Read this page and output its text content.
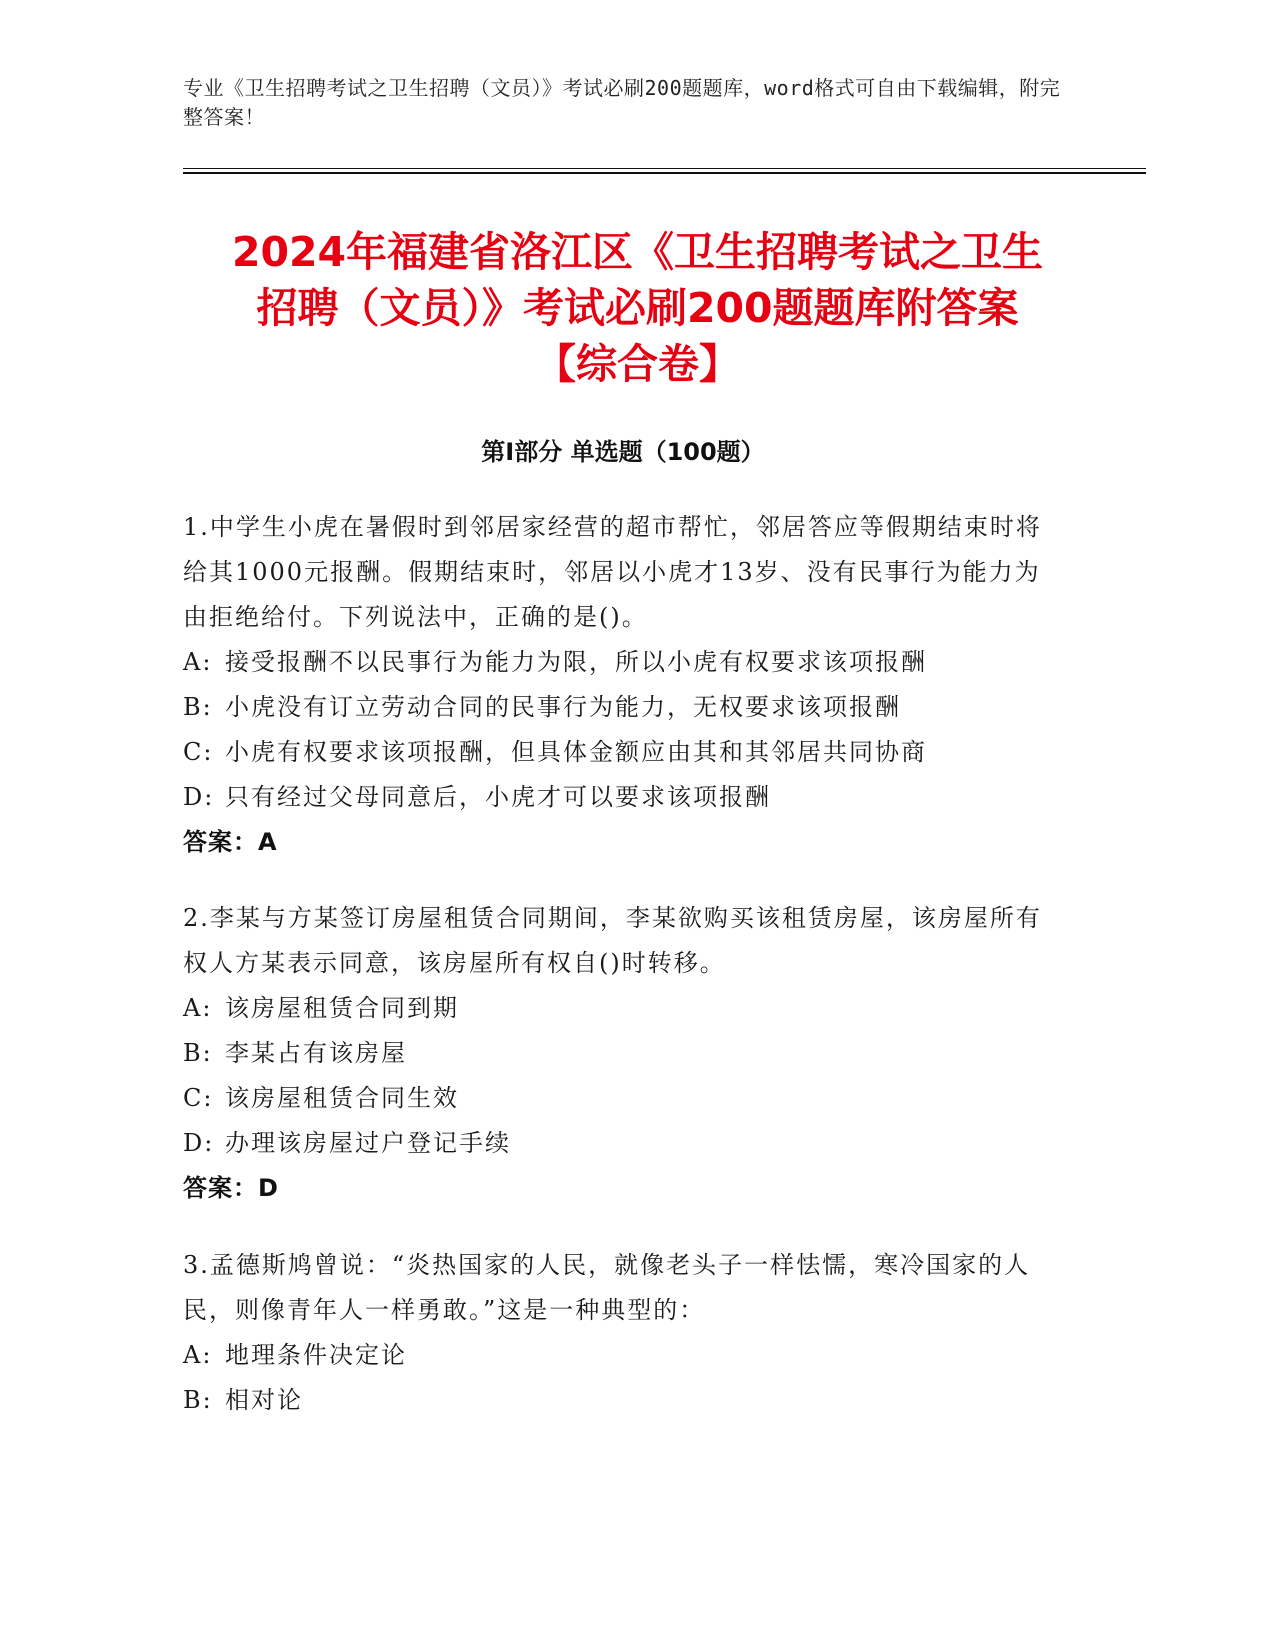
专业《卫生招聘考试之卫生招聘（文员）》考试必刷200题题库，word格式可自由下载编辑，附完整答案！
2024年福建省洛江区《卫生招聘考试之卫生
招聘（文员）》考试必刷200题题库附答案
【综合卷】
第I部分 单选题（100题）

1.中学生小虎在暑假时到邻居家经营的超市帮忙，邻居答应等假期结束时将给其1000元报酬。假期结束时，邻居以小虎才13岁、没有民事行为能力为由拒绝给付。下列说法中，正确的是()。

A: 接受报酬不以民事行为能力为限，所以小虎有权要求该项报酬

B: 小虎没有订立劳动合同的民事行为能力，无权要求该项报酬

C: 小虎有权要求该项报酬，但具体金额应由其和其邻居共同协商

D: 只有经过父母同意后，小虎才可以要求该项报酬

答案：A

2.李某与方某签订房屋租赁合同期间，李某欲购买该租赁房屋，该房屋所有权人方某表示同意，该房屋所有权自()时转移。

A: 该房屋租赁合同到期

B: 李某占有该房屋

C: 该房屋租赁合同生效

D: 办理该房屋过户登记手续

答案：D

3.孟德斯鸠曾说：“炎热国家的人民，就像老头子一样怯懦，寒冷国家的人民，则像青年人一样勇敢。”这是一种典型的：

A: 地理条件决定论

B: 相对论
